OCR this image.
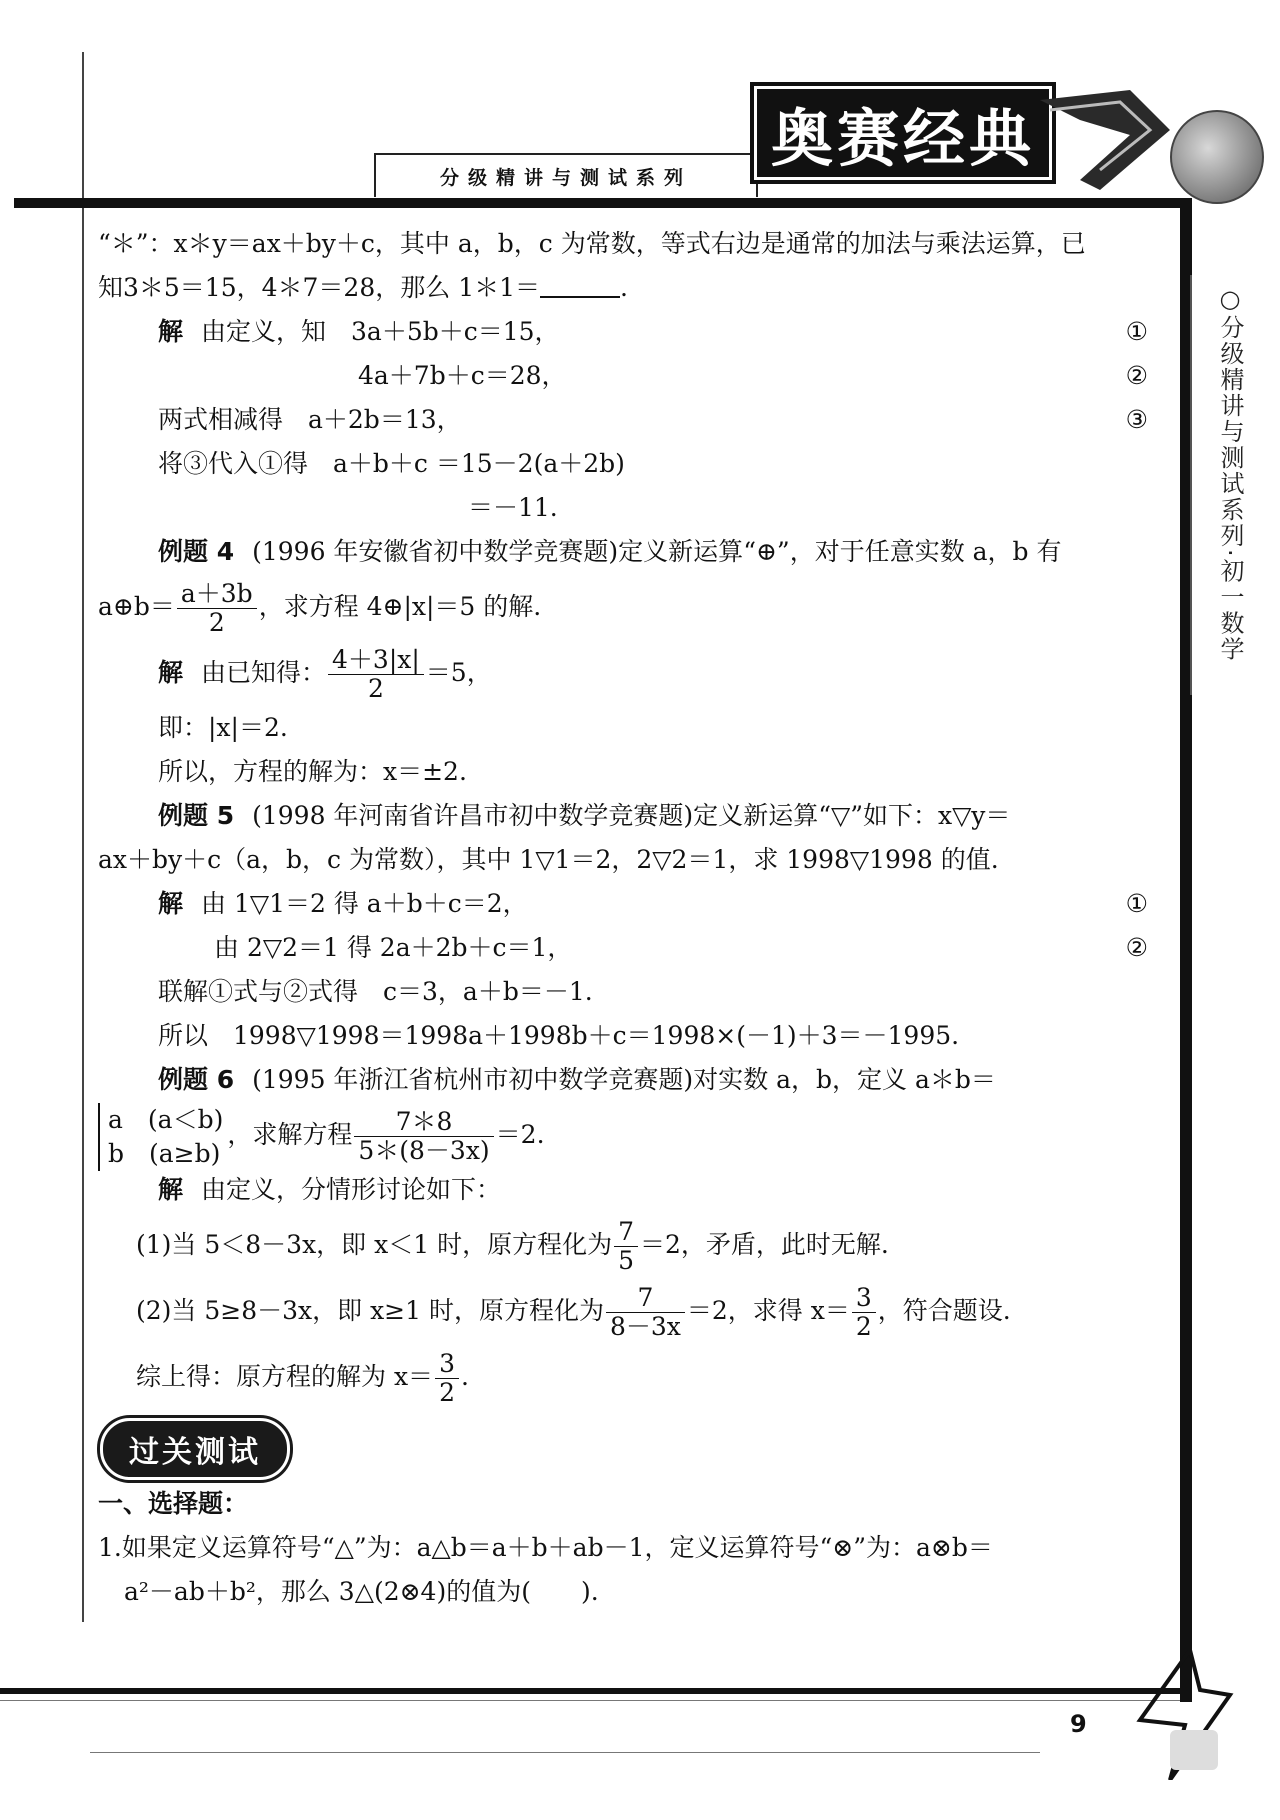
分级精讲与测试系列
奥赛经典
○分级精讲与测试系列·初一数学
9
“＊”：x＊y＝ax＋by＋c，其中 a，b，c 为常数，等式右边是通常的加法与乘法运算，已
知3＊5＝15，4＊7＝28，那么 1＊1＝	.
解 由定义，知　3a＋5b＋c＝15，	①
4a＋7b＋c＝28，	②
两式相减得　a＋2b＝13，	③
将③代入①得　a＋b＋c ＝15－2(a＋2b)
＝－11.
例题 4 (1996 年安徽省初中数学竞赛题)定义新运算“⊕”，对于任意实数 a，b 有
a⊕b＝ $\frac{a+3b}{2}$ ，求方程 4⊕|x|＝5 的解.
解 由已知得： $\frac{4+3|x|}{2} =5$，
即：|x|＝2.
所以，方程的解为：x＝±2.
例题 5 (1998 年河南省许昌市初中数学竞赛题)定义新运算“▽”如下：x▽y＝
ax＋by＋c（a，b，c 为常数），其中 1▽1＝2，2▽2＝1，求 1998▽1998 的值.
解 由 1▽1＝2 得 a＋b＋c＝2，	①
由 2▽2＝1 得 2a＋2b＋c＝1，	②
联解①式与②式得　c＝3，a＋b＝－1.
所以　1998▽1998＝1998a＋1998b＋c＝1998×(－1)＋3＝－1995.
例题 6 (1995 年浙江省杭州市初中数学竞赛题)对实数 a，b，定义 a＊b＝
a　(a＜b)
b　(a≥b)
，求解方程 $\frac{7*8}{5*(8-3x)} =2$.
解 由定义，分情形讨论如下：
(1)当 5＜8－3x，即 x＜1 时，原方程化为 $\frac{7}{5} =2$，矛盾，此时无解.
(2)当 5≥8－3x，即 x≥1 时，原方程化为 $\frac{7}{8-3x} =2$，求得 $x= \frac{3}{2}$ ，符合题设.
综上得：原方程的解为 $x= \frac{3}{2}$ .
过关测试
一、选择题：
1.如果定义运算符号“△”为：a△b＝a＋b＋ab－1，定义运算符号“⊗”为：a⊗b＝
a²－ab＋b²，那么 3△(2⊗4)的值为(　　).
